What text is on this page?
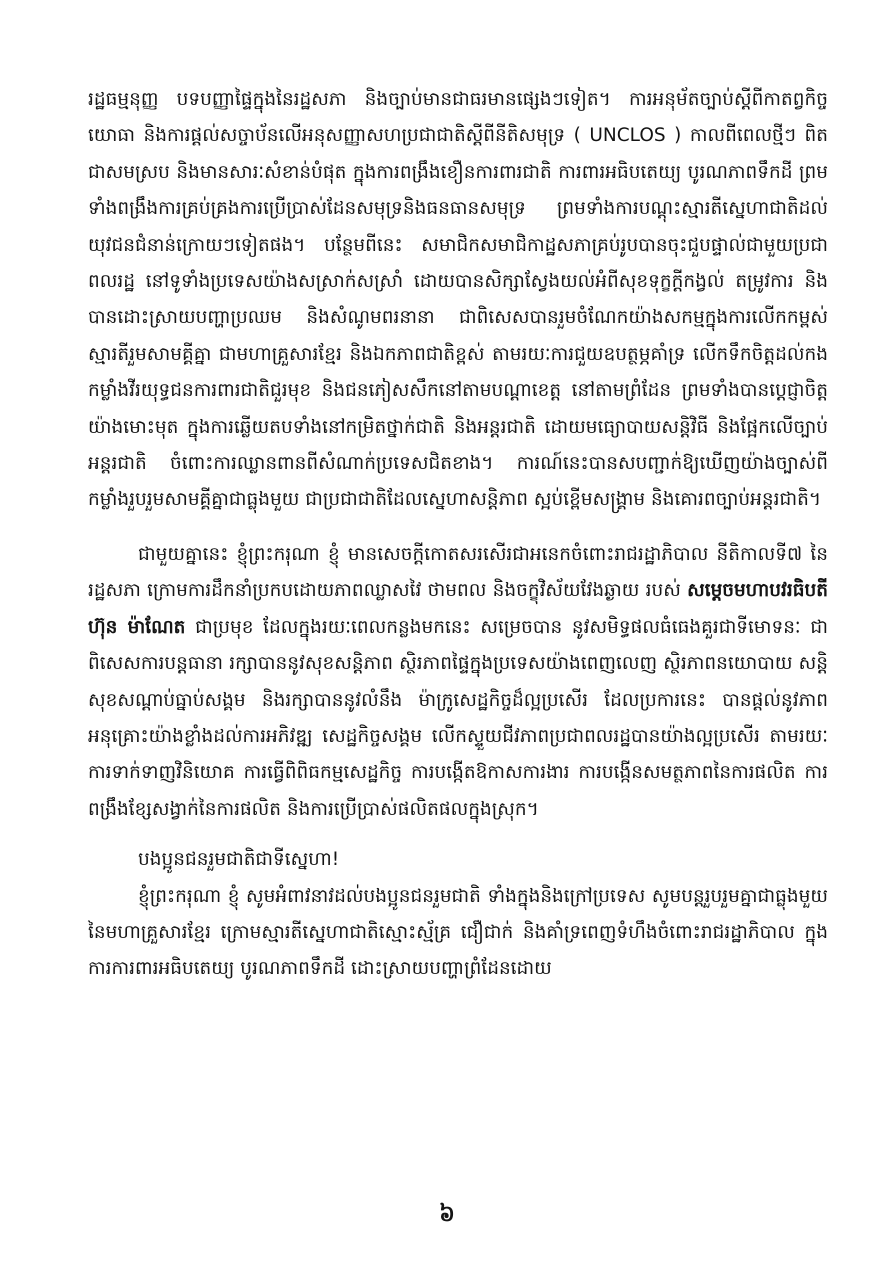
រដ្ឋធម្មនុញ្ញ បទបញ្ញាផ្ទៃក្នុងនៃរដ្ឋសភា និងច្បាប់មានជាធរមានផ្សេងៗទៀត។ ការអនុម័តច្បាប់ស្តីពីកាតព្វកិច្ចយោធា និងការផ្តល់សច្ចាប័នលើអនុសញ្ញាសហប្រជាជាតិស្តីពីនីតិសមុទ្រ ( UNCLOS ) កាលពីពេលថ្មីៗ ពិតជាសមស្រប និងមានសារៈសំខាន់បំផុត ក្នុងការពង្រឹងខឿនការពារជាតិ ការពារអធិបតេយ្យ បូរណភាពទឹកដី ព្រមទាំងពង្រឹងការគ្រប់គ្រងការប្រើប្រាស់ដែនសមុទ្រនិងធនធានសមុទ្រ ព្រមទាំងការបណ្តុះស្មារតីស្នេហាជាតិដល់យុវជនជំនាន់ក្រោយៗទៀតផង។ បន្ថែមពីនេះ សមាជិកសមាជិកាដ្ឋសភាគ្រប់រូបបានចុះជួបផ្ទាល់ជាមួយប្រជាពលរដ្ឋ នៅទូទាំងប្រទេសយ៉ាងសស្រាក់សស្រាំ ដោយបានសិក្សាស្វែងយល់អំពីសុខទុក្ខក្តីកង្វល់ តម្រូវការ និងបានដោះស្រាយបញ្ហាប្រឈម និងសំណូមពរនានា ជាពិសេសបានរួមចំណែកយ៉ាងសកម្មក្នុងការលើកកម្ពស់ស្មារតីរួមសាមគ្គីគ្នា ជាមហាគ្រួសារខ្មែរ និងឯកភាពជាតិខ្ពស់ តាមរយៈការជួយឧបត្ថម្ភគាំទ្រ លើកទឹកចិត្តដល់កងកម្លាំងវីរយុទ្ធជនការពារជាតិជួរមុខ និងជនភៀសសឹកនៅតាមបណ្តាខេត្ត នៅតាមព្រំដែន ព្រមទាំងបានប្តេជ្ញាចិត្តយ៉ាងមោះមុត ក្នុងការឆ្លើយតបទាំងនៅកម្រិតថ្នាក់ជាតិ និងអន្តរជាតិ ដោយមធ្យោបាយសន្តិវិធី និងផ្អែកលើច្បាប់អន្តរជាតិ ចំពោះការឈ្លានពានពីសំណាក់ប្រទេសជិតខាង។ ការណ៍នេះបានសបញ្ជាក់ឱ្យឃើញយ៉ាងច្បាស់ពីកម្លាំងរួបរួមសាមគ្គីគ្នាជាធ្លុងមួយ ជាប្រជាជាតិដែលស្នេហាសន្តិភាព ស្អប់ខ្ពើមសង្គ្រាម និងគោរពច្បាប់អន្តរជាតិ។

ជាមួយគ្នានេះ ខ្ញុំព្រះករុណា ខ្ញុំ មានសេចក្តីកោតសរសើរជាអនេកចំពោះរាជរដ្ឋាភិបាល នីតិកាលទី៧ នៃរដ្ឋសភា ក្រោមការដឹកនាំប្រកបដោយភាពឈ្លាសវៃ ថាមពល និងចក្ខុវិស័យវែងឆ្ងាយ របស់ សម្តេចមហាបវរធិបតី ហ៊ុន ម៉ាណែត ជាប្រមុខ ដែលក្នុងរយៈពេលកន្លងមកនេះ សម្រេចបាន នូវសមិទ្ធផលធំធេងគួរជាទីមោទនៈ ជាពិសេសការបន្តធានា រក្សាបាននូវសុខសន្តិភាព ស្ថិរភាពផ្ទៃក្នុងប្រទេសយ៉ាងពេញលេញ ស្ថិរភាពនយោបាយ សន្តិសុខសណ្តាប់ធ្នាប់សង្គម និងរក្សាបាននូវលំនឹង ម៉ាក្រូសេដ្ឋកិច្ចដ៏ល្អប្រសើរ ដែលប្រការនេះ បានផ្តល់នូវភាពអនុគ្រោះយ៉ាងខ្លាំងដល់ការអភិវឌ្ឍ សេដ្ឋកិច្ចសង្គម លើកស្ទួយជីវភាពប្រជាពលរដ្ឋបានយ៉ាងល្អប្រសើរ តាមរយៈការទាក់ទាញវិនិយោគ ការធ្វើពិពិធកម្មសេដ្ឋកិច្ច ការបង្កើតឱកាសការងារ ការបង្កើនសមត្ថភាពនៃការផលិត ការពង្រឹងខ្សែសង្វាក់នៃការផលិត និងការប្រើប្រាស់ផលិតផលក្នុងស្រុក។

បងប្អូនជនរួមជាតិជាទីស្នេហា!

ខ្ញុំព្រះករុណា ខ្ញុំ សូមអំពាវនាវដល់បងប្អូនជនរួមជាតិ ទាំងក្នុងនិងក្រៅប្រទេស សូមបន្តរួបរួមគ្នាជាធ្លុងមួយនៃមហាគ្រួសារខ្មែរ ក្រោមស្មារតីស្នេហាជាតិស្មោះស្ម័គ្រ ជឿជាក់ និងគាំទ្រពេញទំហឹងចំពោះរាជរដ្ឋាភិបាល ក្នុងការការពារអធិបតេយ្យ បូរណភាពទឹកដី ដោះស្រាយបញ្ហាព្រំដែនដោយ

៦
